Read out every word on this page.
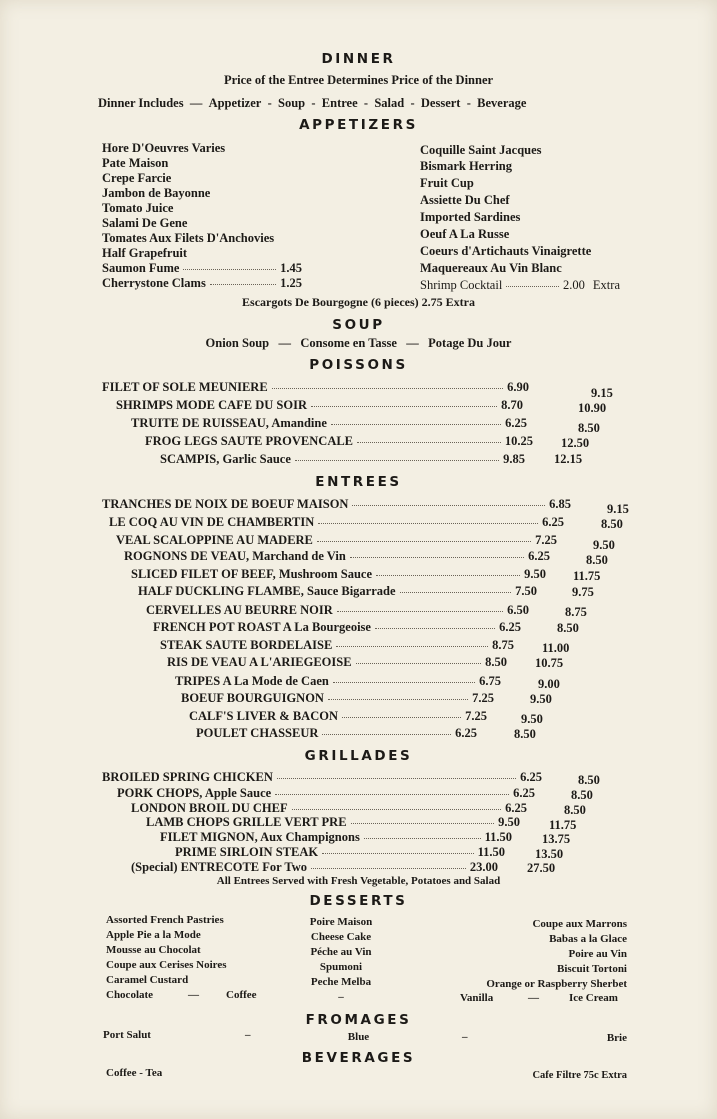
DINNER
Price of the Entree Determines Price of the Dinner
Dinner Includes — Appetizer - Soup - Entree - Salad - Dessert - Beverage
APPETIZERS
Hore D'Oeuvres Varies
Pate Maison
Crepe Farcie
Jambon de Bayonne
Tomato Juice
Salami De Gene
Tomates Aux Filets D'Anchovies
Half Grapefruit
Saumon Fume	1.45
Cherrystone Clams	1.25
Coquille Saint Jacques
Bismark Herring
Fruit Cup
Assiette Du Chef
Imported Sardines
Oeuf A La Russe
Coeurs d'Artichauts Vinaigrette
Maquereaux Au Vin Blanc
Shrimp Cocktail	2.00 Extra
Escargots De Bourgogne (6 pieces) 2.75 Extra
SOUP
Onion Soup — Consome en Tasse — Potage Du Jour
POISSONS
FILET OF SOLE MEUNIERE	6.90	9.15
SHRIMPS MODE CAFE DU SOIR	8.70	10.90
TRUITE DE RUISSEAU, Amandine	6.25	8.50
FROG LEGS SAUTE PROVENCALE	10.25 12.50
SCAMPIS, Garlic Sauce	9.85 12.15
ENTREES
TRANCHES DE NOIX DE BOEUF MAISON	6.85	9.15
LE COQ AU VIN DE CHAMBERTIN	6.25	8.50
VEAL SCALOPPINE AU MADERE	7.25	9.50
ROGNONS DE VEAU, Marchand de Vin	6.25	8.50
SLICED FILET OF BEEF, Mushroom Sauce	9.50 11.75
HALF DUCKLING FLAMBE, Sauce Bigarrade	7.50	9.75
CERVELLES AU BEURRE NOIR	6.50	8.75
FRENCH POT ROAST A La Bourgeoise	6.25	8.50
STEAK SAUTE BORDELAISE	8.75 11.00
RIS DE VEAU A L'ARIEGEOISE	8.50 10.75
TRIPES A La Mode de Caen	6.75	9.00
BOEUF BOURGUIGNON	7.25	9.50
CALF'S LIVER & BACON	7.25	9.50
POULET CHASSEUR	6.25	8.50
GRILLADES
BROILED SPRING CHICKEN	6.25	8.50
PORK CHOPS, Apple Sauce	6.25	8.50
LONDON BROIL DU CHEF	6.25	8.50
LAMB CHOPS GRILLE VERT PRE	9.50 11.75
FILET MIGNON, Aux Champignons	11.50 13.75
PRIME SIRLOIN STEAK	11.50 13.50
(Special) ENTRECOTE For Two	23.00 27.50
All Entrees Served with Fresh Vegetable, Potatoes and Salad
DESSERTS
Assorted French Pastries
Apple Pie a la Mode
Mousse au Chocolat
Coupe aux Cerises Noires
Caramel Custard
Chocolate	— Coffee
Poire Maison
Cheese Cake
Péche au Vin
Spumoni
Peche Melba
–
Coupe aux Marrons
Babas a la Glace
Poire au Vin
Biscuit Tortoni
Orange or Raspberry Sherbet
Vanilla	—	Ice Cream
FROMAGES
Port Salut	–	Blue	–	Brie
BEVERAGES
Coffee - Tea	Cafe Filtre 75c Extra
